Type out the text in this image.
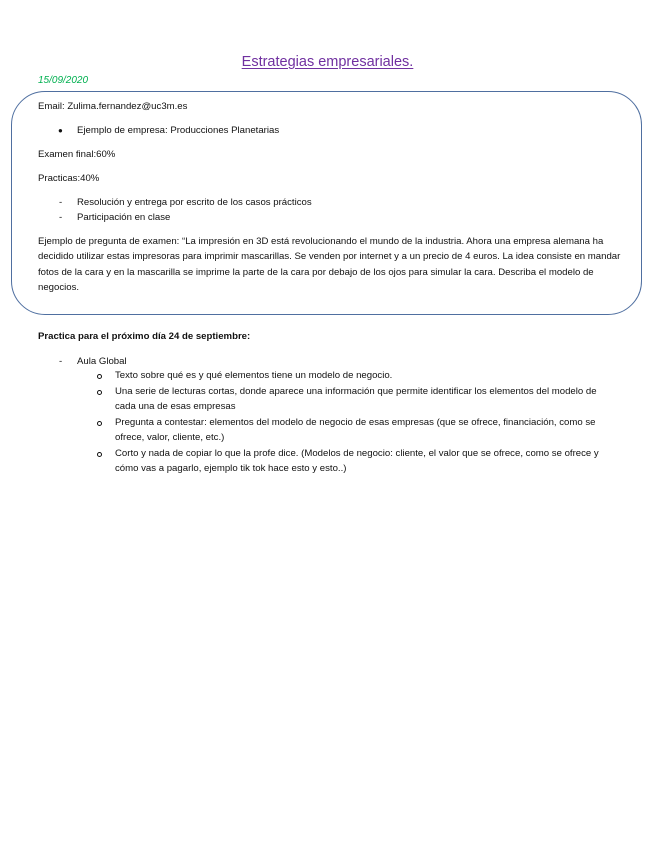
Estrategias empresariales.
15/09/2020
Email: Zulima.fernandez@uc3m.es
● Ejemplo de empresa: Producciones Planetarias
Examen final:60%
Practicas:40%
- Resolución y entrega por escrito de los casos prácticos
- Participación en clase
Ejemplo de pregunta de examen: “La impresión en 3D está revolucionando el mundo de la industria. Ahora una empresa alemana ha decidido utilizar estas impresoras para imprimir mascarillas. Se venden por internet y a un precio de 4 euros. La idea consiste en mandar fotos de la cara y en la mascarilla se imprime la parte de la cara por debajo de los ojos para simular la cara. Describa el modelo de negocios.
Practica para el próximo día 24 de septiembre:
- Aula Global
Texto sobre qué es y qué elementos tiene un modelo de negocio.
Una serie de lecturas cortas, donde aparece una información que permite identificar los elementos del modelo de cada una de esas empresas
Pregunta a contestar: elementos del modelo de negocio de esas empresas (que se ofrece, financiación, como se ofrece, valor, cliente, etc.)
Corto y nada de copiar lo que la profe dice. (Modelos de negocio: cliente, el valor que se ofrece, como se ofrece y cómo vas a pagarlo, ejemplo tik tok hace esto y esto..)
